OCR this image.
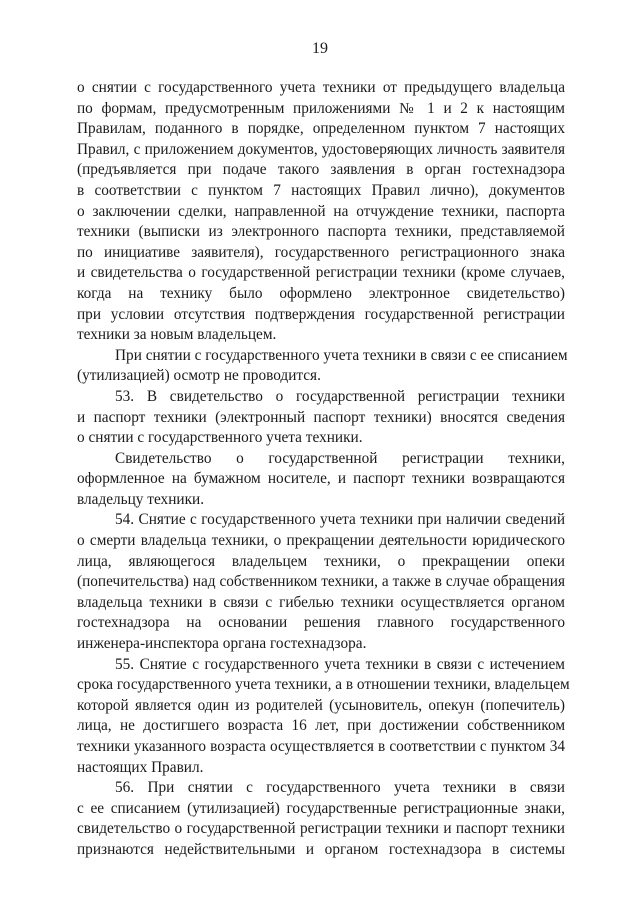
19
о снятии с государственного учета техники от предыдущего владельца
по формам, предусмотренным приложениями № 1 и 2 к настоящим
Правилам, поданного в порядке, определенном пунктом 7 настоящих
Правил, с приложением документов, удостоверяющих личность заявителя
(предъявляется при подаче такого заявления в орган гостехнадзора
в соответствии с пунктом 7 настоящих Правил лично), документов
о заключении сделки, направленной на отчуждение техники, паспорта
техники (выписки из электронного паспорта техники, представляемой
по инициативе заявителя), государственного регистрационного знака
и свидетельства о государственной регистрации техники (кроме случаев,
когда на технику было оформлено электронное свидетельство)
при условии отсутствия подтверждения государственной регистрации
техники за новым владельцем.
При снятии с государственного учета техники в связи с ее списанием
(утилизацией) осмотр не проводится.
53. В свидетельство о государственной регистрации техники
и паспорт техники (электронный паспорт техники) вносятся сведения
о снятии с государственного учета техники.
Свидетельство о государственной регистрации техники,
оформленное на бумажном носителе, и паспорт техники возвращаются
владельцу техники.
54. Снятие с государственного учета техники при наличии сведений
о смерти владельца техники, о прекращении деятельности юридического
лица, являющегося владельцем техники, о прекращении опеки
(попечительства) над собственником техники, а также в случае обращения
владельца техники в связи с гибелью техники осуществляется органом
гостехнадзора на основании решения главного государственного
инженера-инспектора органа гостехнадзора.
55. Снятие с государственного учета техники в связи с истечением
срока государственного учета техники, а в отношении техники, владельцем
которой является один из родителей (усыновитель, опекун (попечитель)
лица, не достигшего возраста 16 лет, при достижении собственником
техники указанного возраста осуществляется в соответствии с пунктом 34
настоящих Правил.
56. При снятии с государственного учета техники в связи
с ее списанием (утилизацией) государственные регистрационные знаки,
свидетельство о государственной регистрации техники и паспорт техники
признаются недействительными и органом гостехнадзора в системы
